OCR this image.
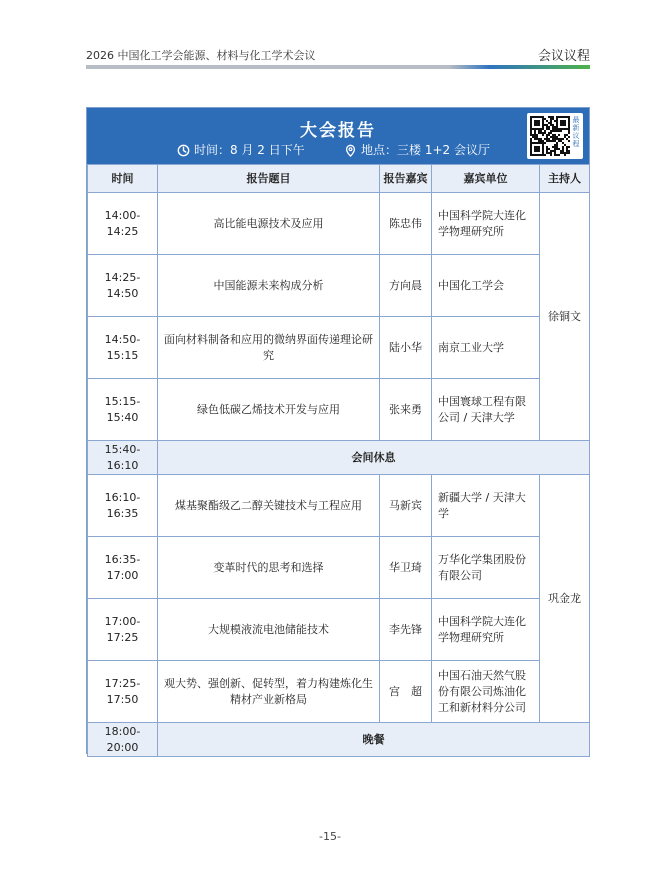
2026 中国化工学会能源、材料与化工学术会议	会议议程
大会报告
时间：8 月 2 日下午	地点：三楼 1+2 会议厅
最新议程
时间	报告题目	报告嘉宾	嘉宾单位	主持人
14:00-14:25	高比能电源技术及应用	陈忠伟	中国科学院大连化学物理研究所	徐铜文
14:25-14:50	中国能源未来构成分析	方向晨	中国化工学会	
14:50-15:15	面向材料制备和应用的微纳界面传递理论研究	陆小华	南京工业大学	
15:15-15:40	绿色低碳乙烯技术开发与应用	张来勇	中国寰球工程有限公司 / 天津大学	
15:40-16:10	会间休息			
16:10-16:35	煤基聚酯级乙二醇关键技术与工程应用	马新宾	新疆大学 / 天津大学	巩金龙
16:35-17:00	变革时代的思考和选择	华卫琦	万华化学集团股份有限公司	
17:00-17:25	大规模液流电池储能技术	李先锋	中国科学院大连化学物理研究所	
17:25-17:50	观大势、强创新、促转型，着力构建炼化生精材产业新格局	宫　超	中国石油天然气股份有限公司炼油化工和新材料分公司	
18:00-20:00	晚餐			
-15-
